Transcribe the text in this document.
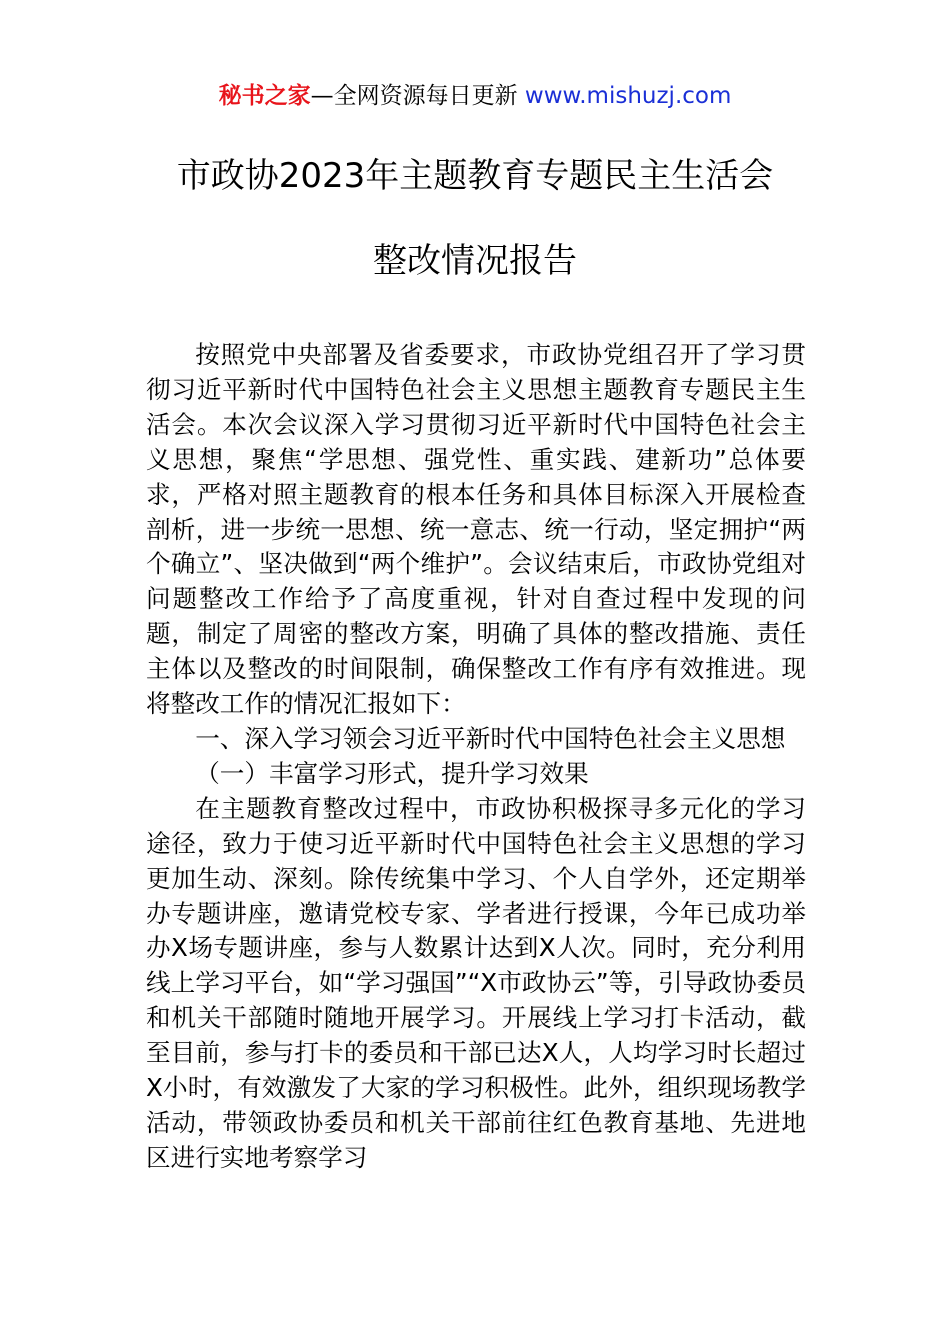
秘书之家—全网资源每日更新 www.mishuzj.com
市政协2023年主题教育专题民主生活会
整改情况报告

按照党中央部署及省委要求，市政协党组召开了学习贯彻习近平新时代中国特色社会主义思想主题教育专题民主生活会。本次会议深入学习贯彻习近平新时代中国特色社会主义思想，聚焦“学思想、强党性、重实践、建新功”总体要求，严格对照主题教育的根本任务和具体目标深入开展检查剖析，进一步统一思想、统一意志、统一行动，坚定拥护“两个确立”、坚决做到“两个维护”。会议结束后，市政协党组对问题整改工作给予了高度重视，针对自查过程中发现的问题，制定了周密的整改方案，明确了具体的整改措施、责任主体以及整改的时间限制，确保整改工作有序有效推进。现将整改工作的情况汇报如下：

一、深入学习领会习近平新时代中国特色社会主义思想

（一）丰富学习形式，提升学习效果

在主题教育整改过程中，市政协积极探寻多元化的学习途径，致力于使习近平新时代中国特色社会主义思想的学习更加生动、深刻。除传统集中学习、个人自学外，还定期举办专题讲座，邀请党校专家、学者进行授课，今年已成功举办X场专题讲座，参与人数累计达到X人次。同时，充分利用线上学习平台，如“学习强国”“X市政协云”等，引导政协委员和机关干部随时随地开展学习。开展线上学习打卡活动，截至目前，参与打卡的委员和干部已达X人，人均学习时长超过X小时，有效激发了大家的学习积极性。此外，组织现场教学活动，带领政协委员和机关干部前往红色教育基地、先进地区进行实地考察学习
